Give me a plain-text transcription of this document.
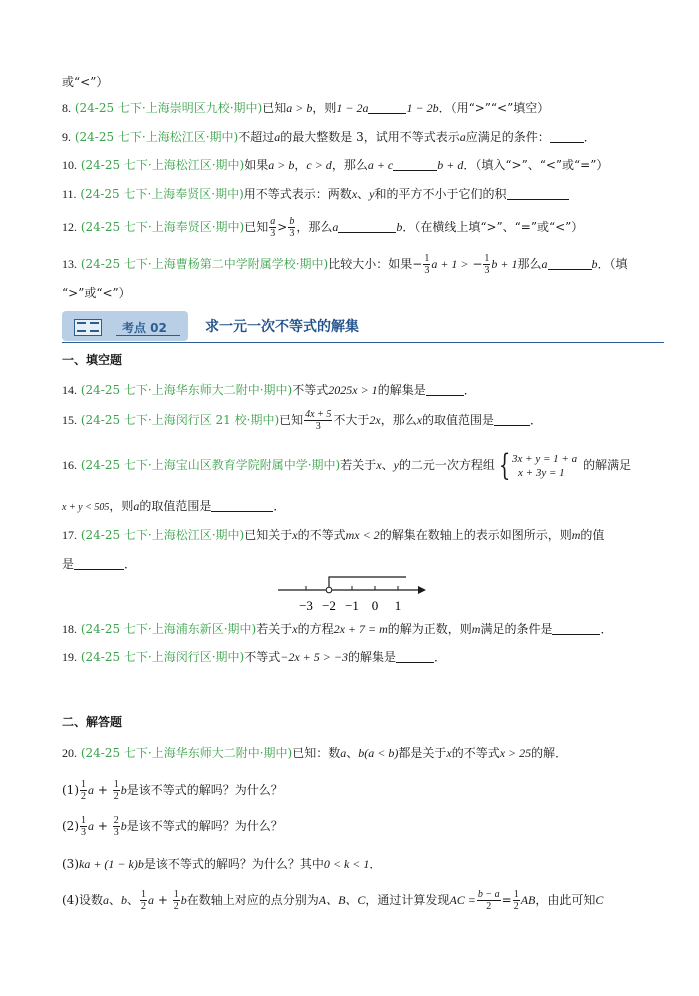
或“<”）
8. (24-25 七下·上海崇明区九校·期中)已知a > b，则1 − 2a	1 − 2b．（用“>”“<”填空）
9. (24-25 七下·上海松江区·期中)不超过a的最大整数是 3，试用不等式表示a应满足的条件：	．
10. (24-25 七下·上海松江区·期中)如果a > b，c > d，那么a + c	b + d．（填入“>”、“<”或“=”）
11. (24-25 七下·上海奉贤区·期中)用不等式表示：两数x、y和的平方不小于它们的积
12. (24-25 七下·上海奉贤区·期中)已知 $\frac{a}{3} > \frac{b}{3}$ ，那么a	b．（在横线上填“>”、“=”或“<”）
13. (24-25 七下·上海曹杨第二中学附属学校·期中)比较大小：如果− $\frac{1}{3}$ a + 1 > − $\frac{1}{3}$ b + 1那么a	b．（填
“>”或“<”）
考点 02	求一元一次不等式的解集
一、填空题
14. (24-25 七下·上海华东师大二附中·期中)不等式2025x > 1的解集是	．
15. (24-25 七下·上海闵行区 21 校·期中)已知 $\frac{4x + 5}{3}$ 不大于2x，那么x的取值范围是	．
16. (24-25 七下·上海宝山区教育学院附属中学·期中)若关于x、y的二元一次方程组 { 3x + y = 1 + a
x + 3y = 1
的解满足
x + y < 505，则a的取值范围是	．
17. (24-25 七下·上海松江区·期中)已知关于x的不等式mx < 2的解集在数轴上的表示如图所示，则m的值
是	．
−3 −2 −1 0 1
18. (24-25 七下·上海浦东新区·期中)若关于x的方程2x + 7 = m的解为正数，则m满足的条件是	．
19. (24-25 七下·上海闵行区·期中)不等式−2x + 5 > −3的解集是	．
二、解答题
20. (24-25 七下·上海华东师大二附中·期中)已知：数a、b(a < b)都是关于x的不等式x > 25的解．
$(1) \frac{1}{2}$ $a + \frac{1}{2}$ b是该不等式的解吗？为什么？
$(2) \frac{1}{3}$ $a + \frac{2}{3}$ b是该不等式的解吗？为什么？
(3)ka + (1 − k)b是该不等式的解吗？为什么？其中0 < k < 1．
(4)设数a、b、 $\frac{1}{2}$ $a + \frac{1}{2}$ b在数轴上对应的点分别为A、B、C，通过计算发现AC = $\frac{b - a}{2} = \frac{1}{2}$ AB，由此可知C
